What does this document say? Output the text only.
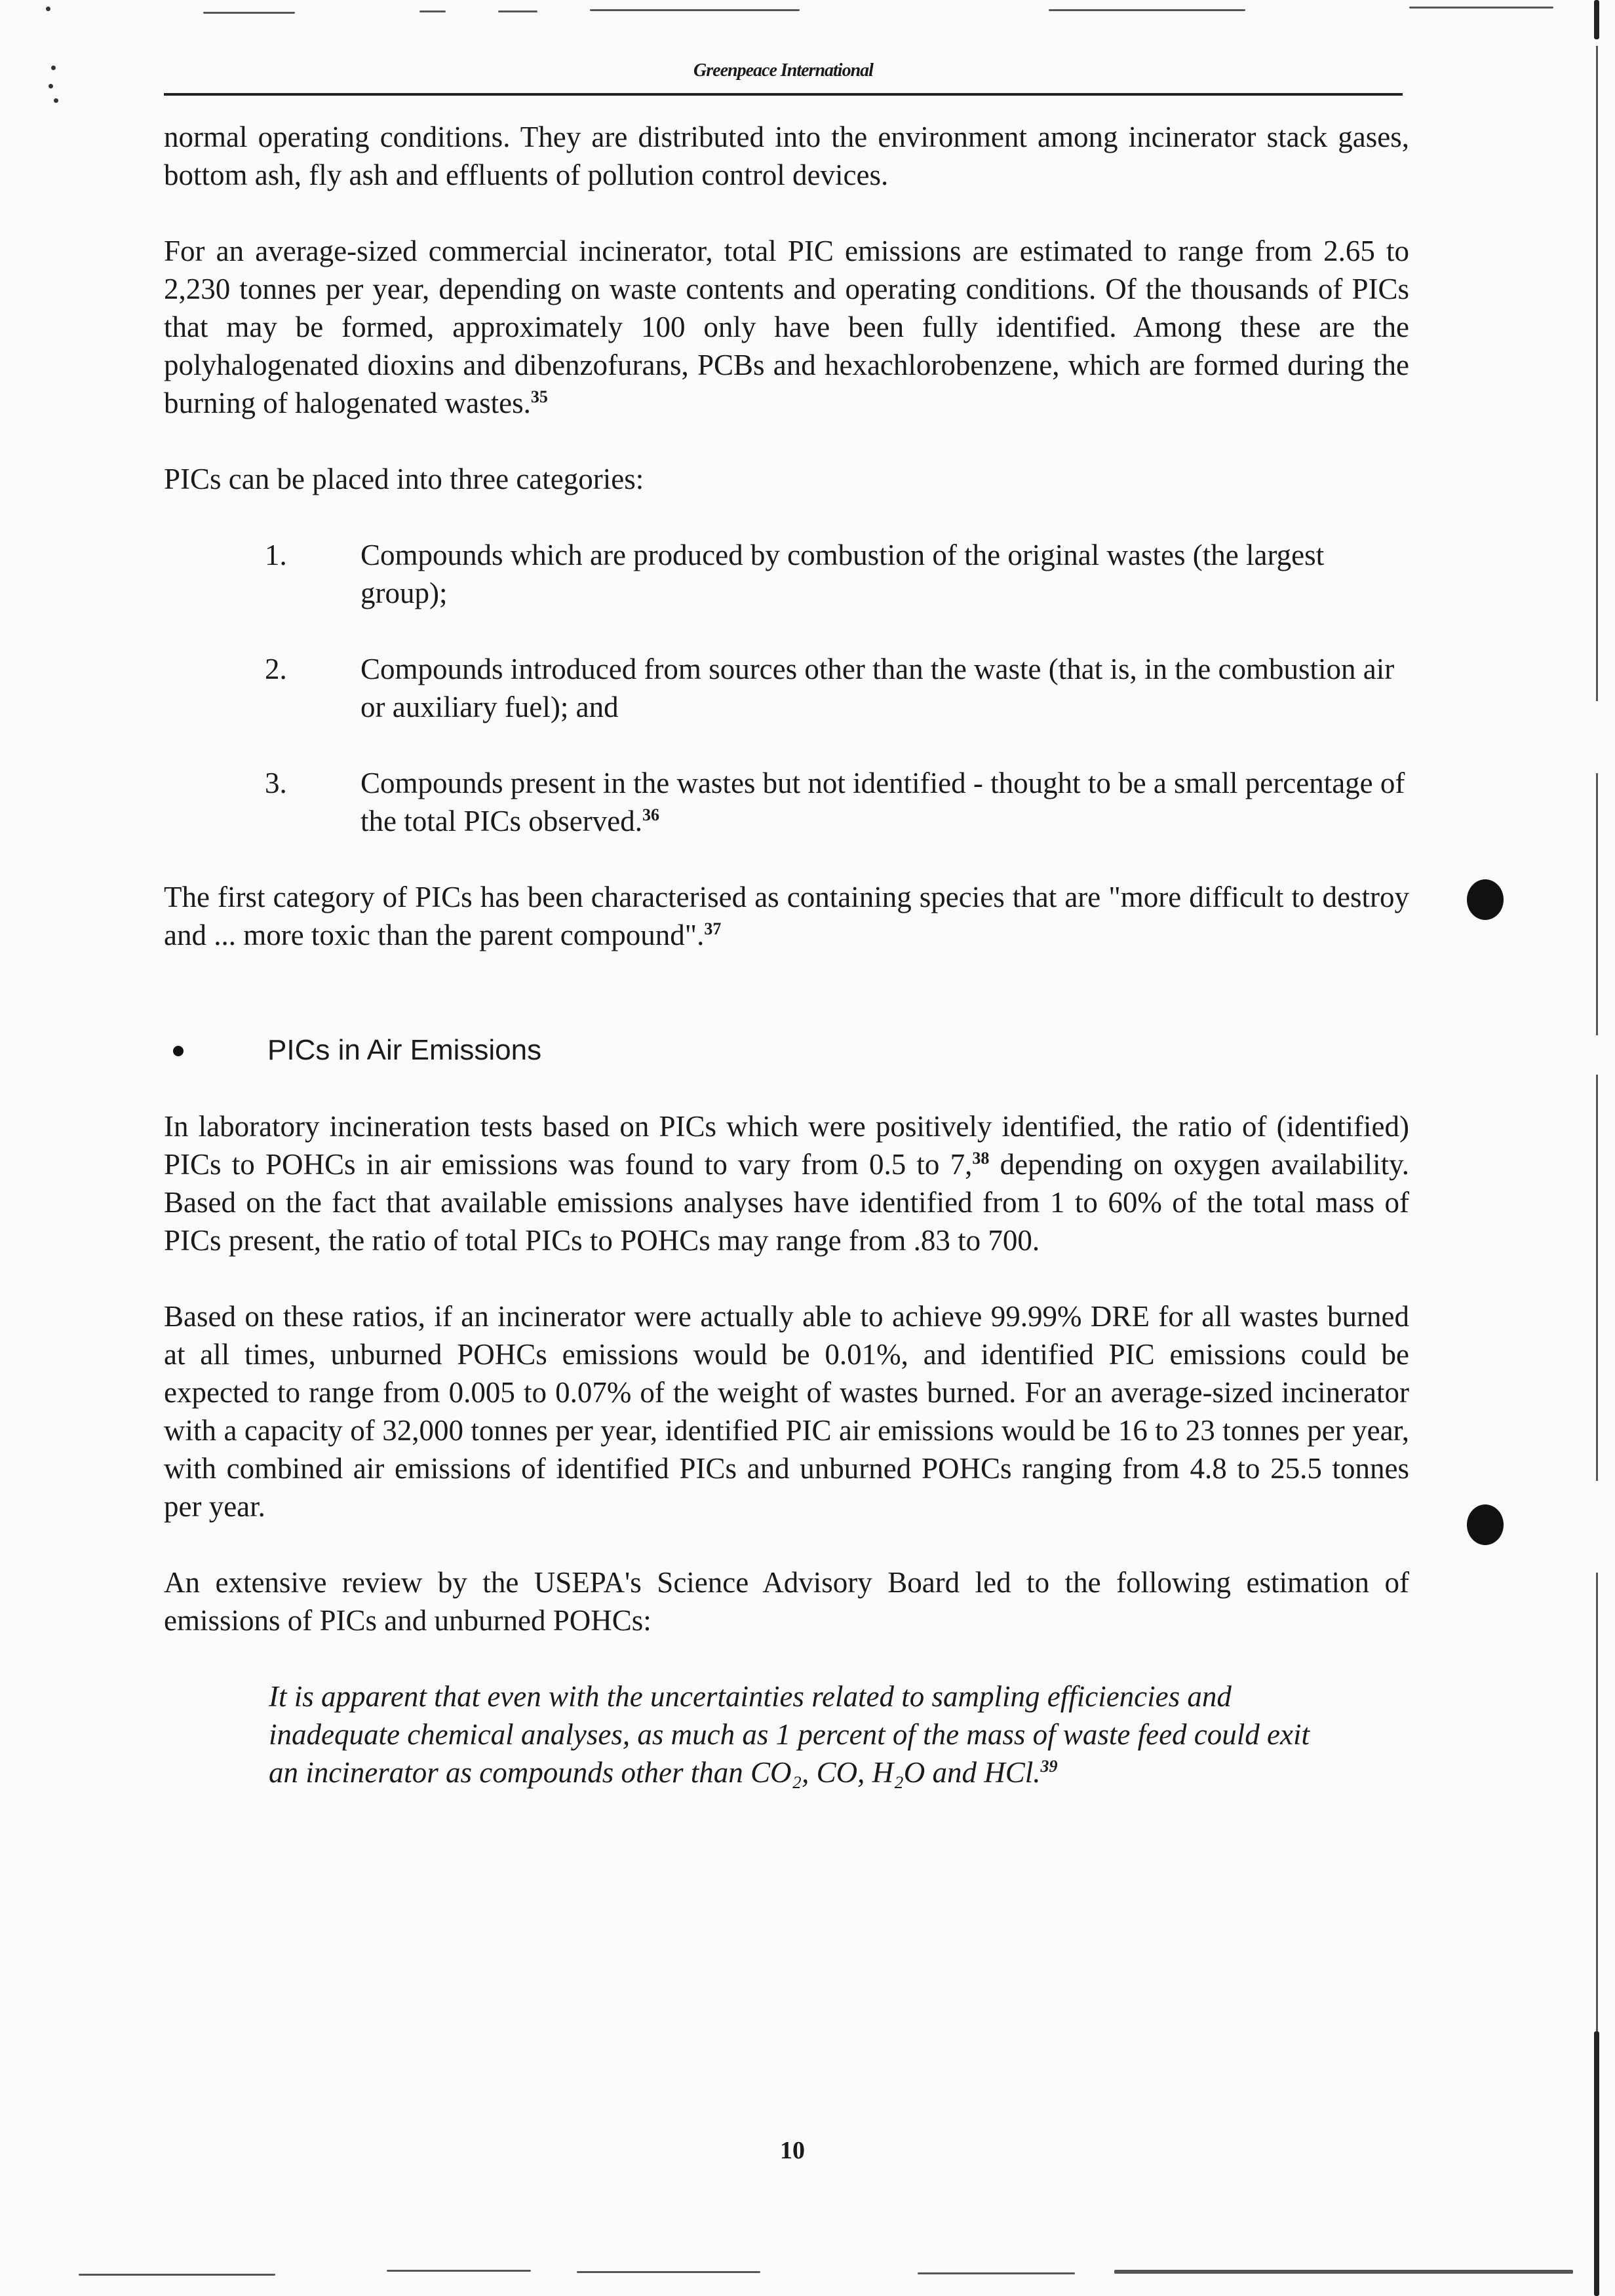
Greenpeace International

normal operating conditions. They are distributed into the environment among incinerator stack gases, bottom ash, fly ash and effluents of pollution control devices.

For an average-sized commercial incinerator, total PIC emissions are estimated to range from 2.65 to 2,230 tonnes per year, depending on waste contents and operating conditions. Of the thousands of PICs that may be formed, approximately 100 only have been fully identified. Among these are the polyhalogenated dioxins and dibenzofurans, PCBs and hexachlorobenzene, which are formed during the burning of halogenated wastes.$^{35}$

PICs can be placed into three categories:

1. Compounds which are produced by combustion of the original wastes (the largest group);
2. Compounds introduced from sources other than the waste (that is, in the combustion air or auxiliary fuel); and
3. Compounds present in the wastes but not identified - thought to be a small percentage of the total PICs observed.$^{36}$

The first category of PICs has been characterised as containing species that are "more difficult to destroy and ... more toxic than the parent compound".$^{37}$

PICs in Air Emissions

In laboratory incineration tests based on PICs which were positively identified, the ratio of (identified) PICs to POHCs in air emissions was found to vary from 0.5 to 7,38 depending on oxygen availability. Based on the fact that available emissions analyses have identified from 1 to 60% of the total mass of PICs present, the ratio of total PICs to POHCs may range from .83 to 700.

Based on these ratios, if an incinerator were actually able to achieve 99.99% DRE for all wastes burned at all times, unburned POHCs emissions would be 0.01%, and identified PIC emissions could be expected to range from 0.005 to 0.07% of the weight of wastes burned. For an average-sized incinerator with a capacity of 32,000 tonnes per year, identified PIC air emissions would be 16 to 23 tonnes per year, with combined air emissions of identified PICs and unburned POHCs ranging from 4.8 to 25.5 tonnes per year.

An extensive review by the USEPA's Science Advisory Board led to the following estimation of emissions of PICs and unburned POHCs:

It is apparent that even with the uncertainties related to sampling efficiencies and inadequate chemical analyses, as much as 1 percent of the mass of waste feed could exit an incinerator as compounds other than CO₂, CO, H₂O and HCl.$^{39}$

10
